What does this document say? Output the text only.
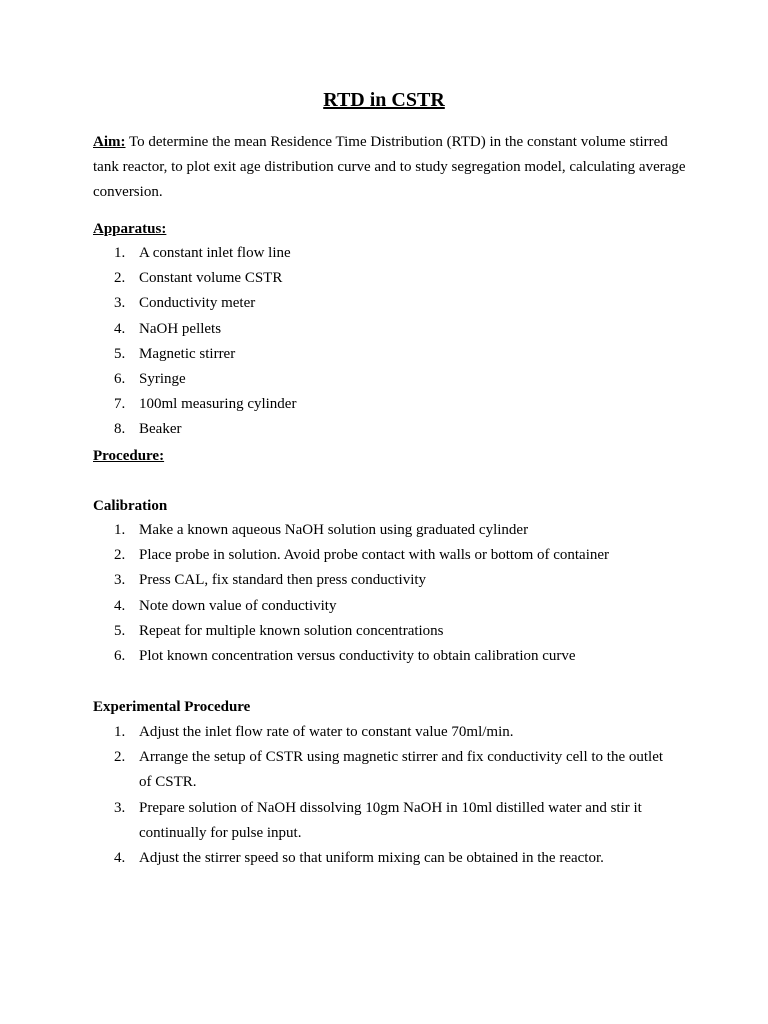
RTD in CSTR
Aim: To determine the mean Residence Time Distribution (RTD) in the constant volume stirred tank reactor, to plot exit age distribution curve and to study segregation model, calculating average conversion.
Apparatus:
1. A constant inlet flow line
2. Constant volume CSTR
3. Conductivity meter
4. NaOH pellets
5. Magnetic stirrer
6. Syringe
7. 100ml measuring cylinder
8. Beaker
Procedure:
Calibration
1. Make a known aqueous NaOH solution using graduated cylinder
2. Place probe in solution. Avoid probe contact with walls or bottom of container
3. Press CAL, fix standard then press conductivity
4. Note down value of conductivity
5. Repeat for multiple known solution concentrations
6. Plot known concentration versus conductivity to obtain calibration curve
Experimental Procedure
1. Adjust the inlet flow rate of water to constant value 70ml/min.
2. Arrange the setup of CSTR using magnetic stirrer and fix conductivity cell to the outlet of CSTR.
3. Prepare solution of NaOH dissolving 10gm NaOH in 10ml distilled water and stir it continually for pulse input.
4. Adjust the stirrer speed so that uniform mixing can be obtained in the reactor.
